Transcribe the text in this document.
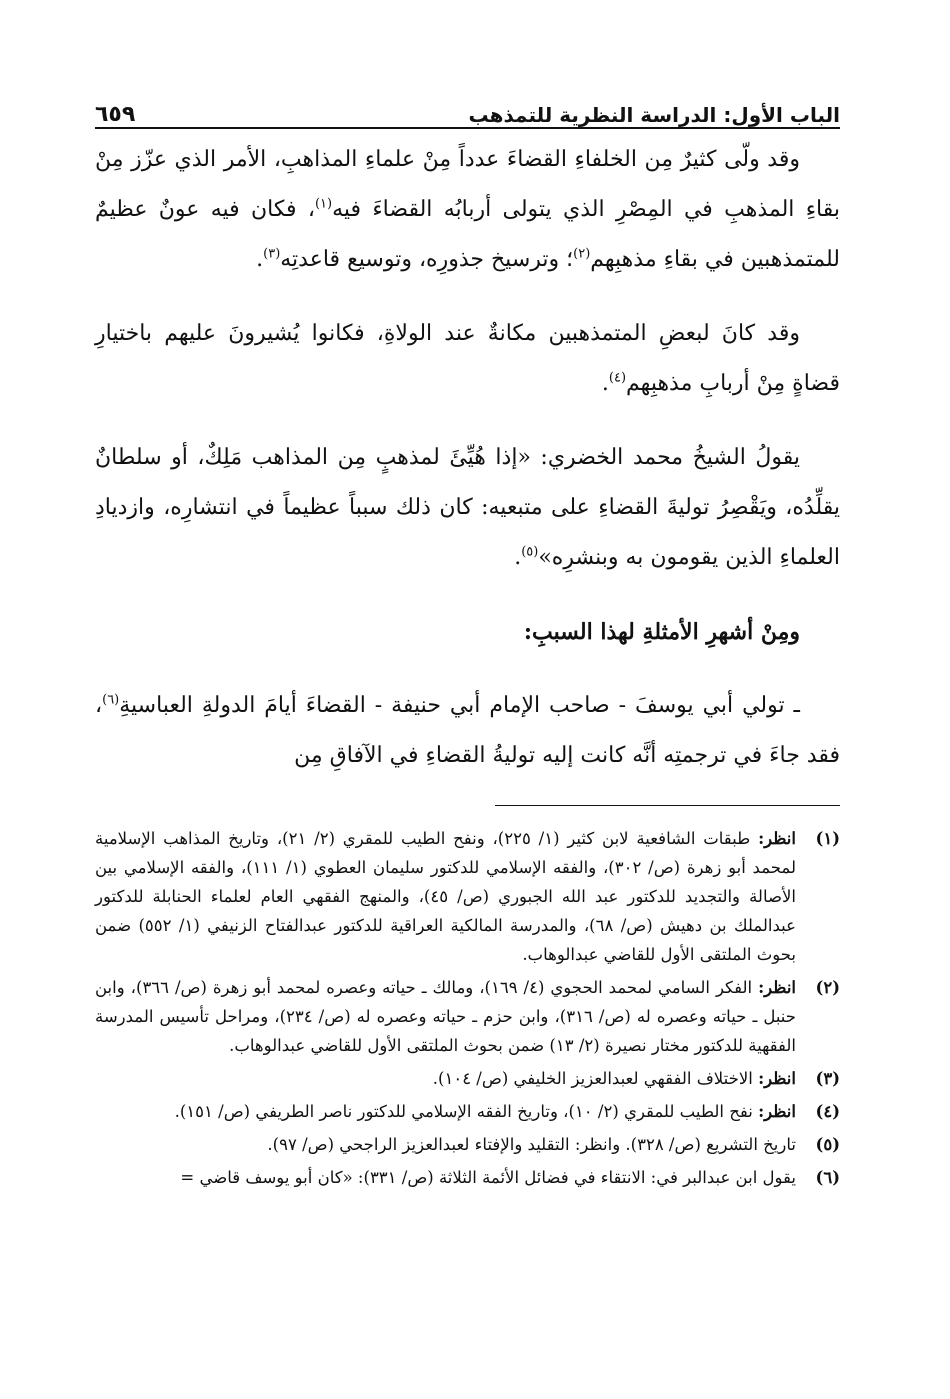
الباب الأول: الدراسة النظرية للتمذهب
٦٥٩

وقد ولّى كثيرٌ مِن الخلفاءِ القضاءَ عدداً مِنْ علماءِ المذاهبِ، الأمر الذي عزّز مِنْ بقاءِ المذهبِ في المِصْرِ الذي يتولى أربابُه القضاءَ فيه$^{(١)}$، فكان فيه عونٌ عظيمٌ للمتمذهبين في بقاءِ مذهبِهم$^{(٢)}$؛ وترسيخ جذورِه، وتوسيع قاعدتِه$^{(٣)}$.

وقد كانَ لبعضِ المتمذهبين مكانةٌ عند الولاةِ، فكانوا يُشيرونَ عليهم باختيارِ قضاةٍ مِنْ أربابِ مذهبِهم$^{(٤)}$.

يقولُ الشيخُ محمد الخضري: «إذا هُيِّئَ لمذهبٍ مِن المذاهب مَلِكٌ، أو سلطانٌ يقلِّدُه، ويَقْصِرُ توليةَ القضاءِ على متبعيه: كان ذلك سبباً عظيماً في انتشارِه، وازديادِ العلماءِ الذين يقومون به وبنشرِه»$^{(٥)}$.

ومِنْ أشهرِ الأمثلةِ لهذا السببِ:

ـ تولي أبي يوسفَ - صاحب الإمام أبي حنيفة - القضاءَ أيامَ الدولةِ العباسيةِ$^{(٦)}$، فقد جاءَ في ترجمتِه أنَّه كانت إليه توليةُ القضاءِ في الآفاقِ مِن

(١)
انظر: طبقات الشافعية لابن كثير (١/ ٢٢٥)، ونفح الطيب للمقري (٢/ ٢١)، وتاريخ المذاهب الإسلامية لمحمد أبو زهرة (ص/ ٣٠٢)، والفقه الإسلامي للدكتور سليمان العطوي (١/ ١١١)، والفقه الإسلامي بين الأصالة والتجديد للدكتور عبد الله الجبوري (ص/ ٤٥)، والمنهج الفقهي العام لعلماء الحنابلة للدكتور عبدالملك بن دهيش (ص/ ٦٨)، والمدرسة المالكية العراقية للدكتور عبدالفتاح الزنيفي (١/ ٥٥٢) ضمن بحوث الملتقى الأول للقاضي عبدالوهاب.
(٢)
انظر: الفكر السامي لمحمد الحجوي (٤/ ١٦٩)، ومالك ـ حياته وعصره لمحمد أبو زهرة (ص/ ٣٦٦)، وابن حنبل ـ حياته وعصره له (ص/ ٣١٦)، وابن حزم ـ حياته وعصره له (ص/ ٢٣٤)، ومراحل تأسيس المدرسة الفقهية للدكتور مختار نصيرة (٢/ ١٣) ضمن بحوث الملتقى الأول للقاضي عبدالوهاب.
(٣)
انظر: الاختلاف الفقهي لعبدالعزيز الخليفي (ص/ ١٠٤).
(٤)
انظر: نفح الطيب للمقري (٢/ ١٠)، وتاريخ الفقه الإسلامي للدكتور ناصر الطريفي (ص/ ١٥١).
(٥)
تاريخ التشريع (ص/ ٣٢٨). وانظر: التقليد والإفتاء لعبدالعزيز الراجحي (ص/ ٩٧).
(٦)
يقول ابن عبدالبر في: الانتقاء في فضائل الأئمة الثلاثة (ص/ ٣٣١): «كان أبو يوسف قاضي =
